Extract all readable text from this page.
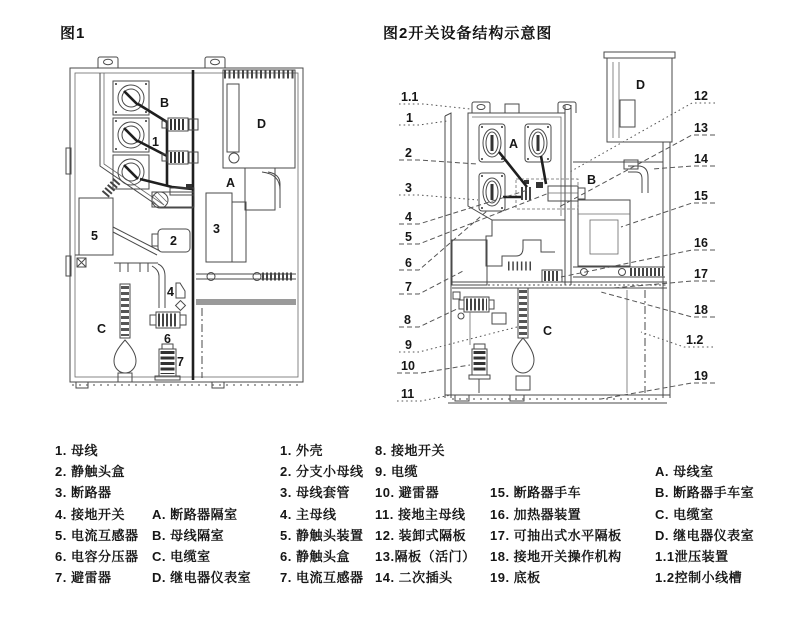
图1	图2开关设备结构示意图
B
D
1
A
5	2
3
4
C
6
7
A
B
C
D
1.1
1
2
3
4
5
6
7
8
9
10
11
12
13
14
15
16
17
18
1.2
19
1. 母线
2. 静触头盒
3. 断路器
4. 接地开关
5. 电流互感器
6. 电容分压器
7. 避雷器
A. 断路器隔室
B. 母线隔室
C. 电缆室
D. 继电器仪表室
1. 外壳
2. 分支小母线
3. 母线套管
4. 主母线
5. 静触头装置
6. 静触头盒
7. 电流互感器
8. 接地开关
9. 电缆
10. 避雷器
11. 接地主母线
12. 装卸式隔板
13.隔板（活门）
14. 二次插头
15. 断路器手车
16. 加热器装置
17. 可抽出式水平隔板
18. 接地开关操作机构
19. 底板
A. 母线室
B. 断路器手车室
C. 电缆室
D. 继电器仪表室
1.1泄压装置
1.2控制小线槽
